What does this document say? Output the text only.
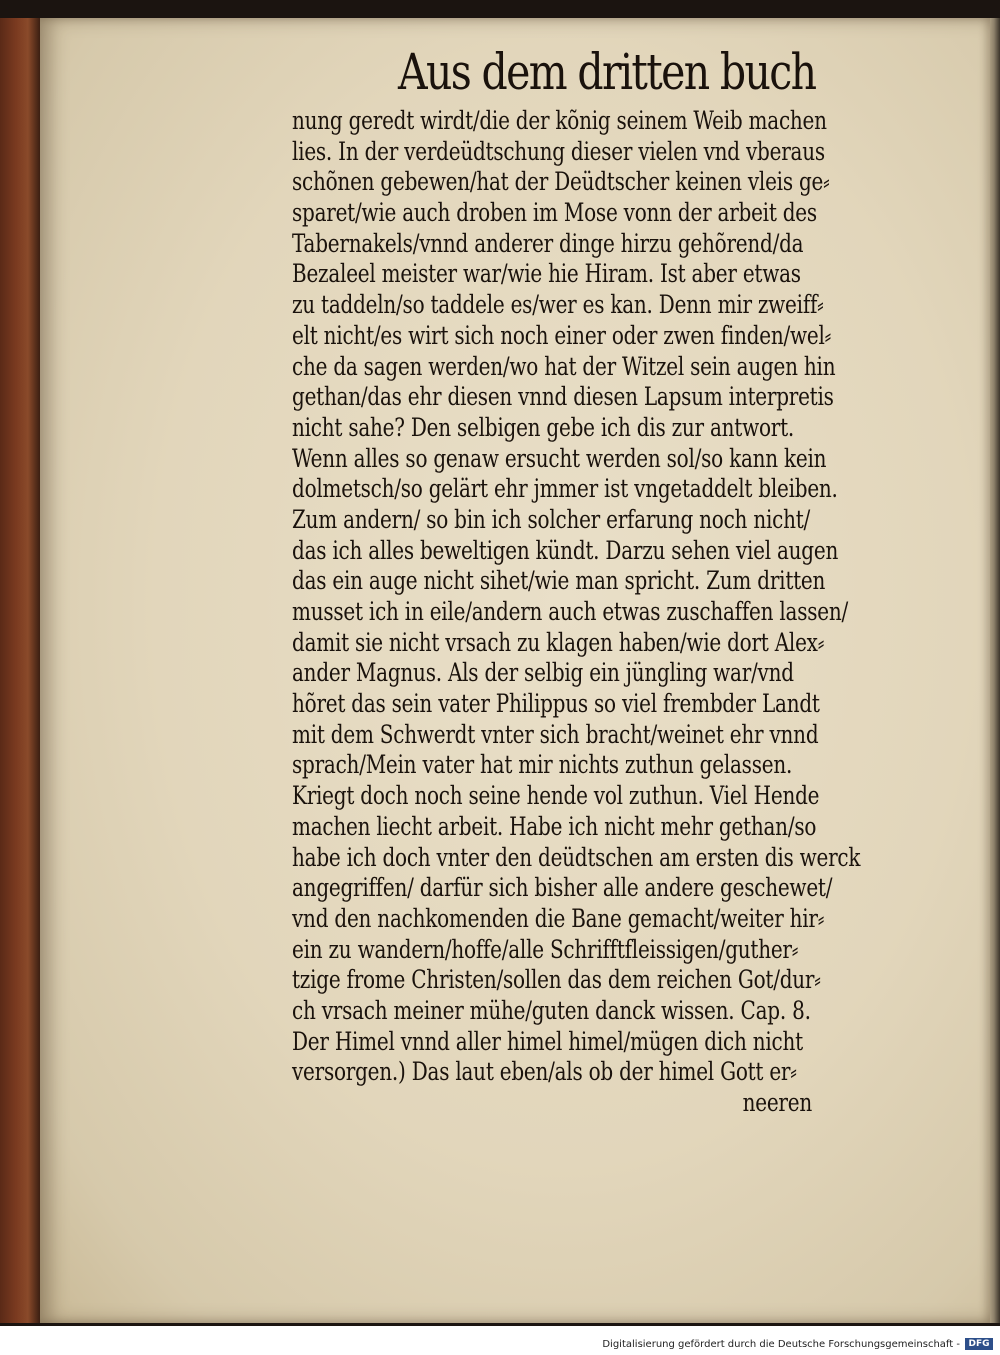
Aus dem dritten buch
nung geredt wirdt/die der kõnig seinem Weib machen
lies. In der verdeüdtschung dieser vielen vnd vberaus
schõnen gebewen/hat der Deüdtscher keinen vleis ge⸗
sparet/wie auch droben im Mose vonn der arbeit des
Tabernakels/vnnd anderer dinge hirzu gehõrend/da
Bezaleel meister war/wie hie Hiram. Ist aber etwas
zu taddeln/so taddele es/wer es kan. Denn mir zweiff⸗
elt nicht/es wirt sich noch einer oder zwen finden/wel⸗
che da sagen werden/wo hat der Witzel sein augen hin
gethan/das ehr diesen vnnd diesen Lapsum interpretis
nicht sahe? Den selbigen gebe ich dis zur antwort.
Wenn alles so genaw ersucht werden sol/so kann kein
dolmetsch/so gelärt ehr jmmer ist vngetaddelt bleiben.
Zum andern/ so bin ich solcher erfarung noch nicht/
das ich alles beweltigen kündt. Darzu sehen viel augen
das ein auge nicht sihet/wie man spricht. Zum dritten
musset ich in eile/andern auch etwas zuschaffen lassen/
damit sie nicht vrsach zu klagen haben/wie dort Alex⸗
ander Magnus. Als der selbig ein jüngling war/vnd
hõret das sein vater Philippus so viel frembder Landt
mit dem Schwerdt vnter sich bracht/weinet ehr vnnd
sprach/Mein vater hat mir nichts zuthun gelassen.
Kriegt doch noch seine hende vol zuthun. Viel Hende
machen liecht arbeit. Habe ich nicht mehr gethan/so
habe ich doch vnter den deüdtschen am ersten dis werck
angegriffen/ darfür sich bisher alle andere geschewet/
vnd den nachkomenden die Bane gemacht/weiter hir⸗
ein zu wandern/hoffe/alle Schrifftfleissigen/guther⸗
tzige frome Christen/sollen das dem reichen Got/dur⸗
ch vrsach meiner mühe/guten danck wissen. Cap. 8.
Der Himel vnnd aller himel himel/mügen dich nicht
versorgen.) Das laut eben/als ob der himel Gott er⸗
neeren
Digitalisierung gefördert durch die Deutsche Forschungsgemeinschaft - DFG
